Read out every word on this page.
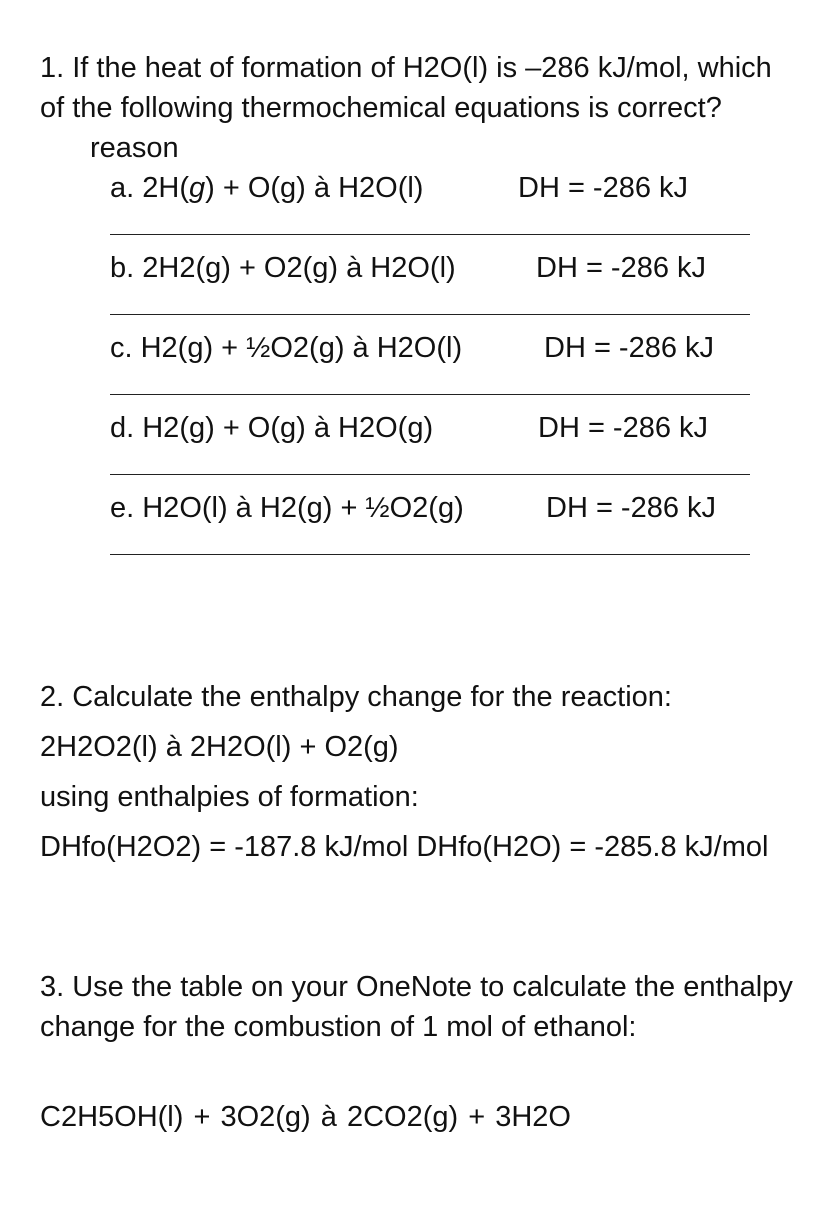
1. If the heat of formation of H2O(l) is –286 kJ/mol, which of the following thermochemical equations is correct?reason
a. 2H(g) + O(g) à H2O(l)	DH = -286 kJ
b. 2H2(g) + O2(g) à H2O(l)	DH = -286 kJ
c. H2(g) + ½O2(g) à H2O(l)	DH = -286 kJ
d. H2(g) + O(g) à H2O(g)	DH = -286 kJ
e. H2O(l) à H2(g) + ½O2(g)	DH = -286 kJ
2. Calculate the enthalpy change for the reaction:
2H2O2(l) à 2H2O(l) + O2(g)
using enthalpies of formation:
DHfo(H2O2) = -187.8 kJ/mol DHfo(H2O) = -285.8 kJ/mol
3. Use the table on your OneNote to calculate the enthalpy change for the combustion of 1 mol of ethanol:
C2H5OH(l) + 3O2(g) à 2CO2(g) + 3H2O
